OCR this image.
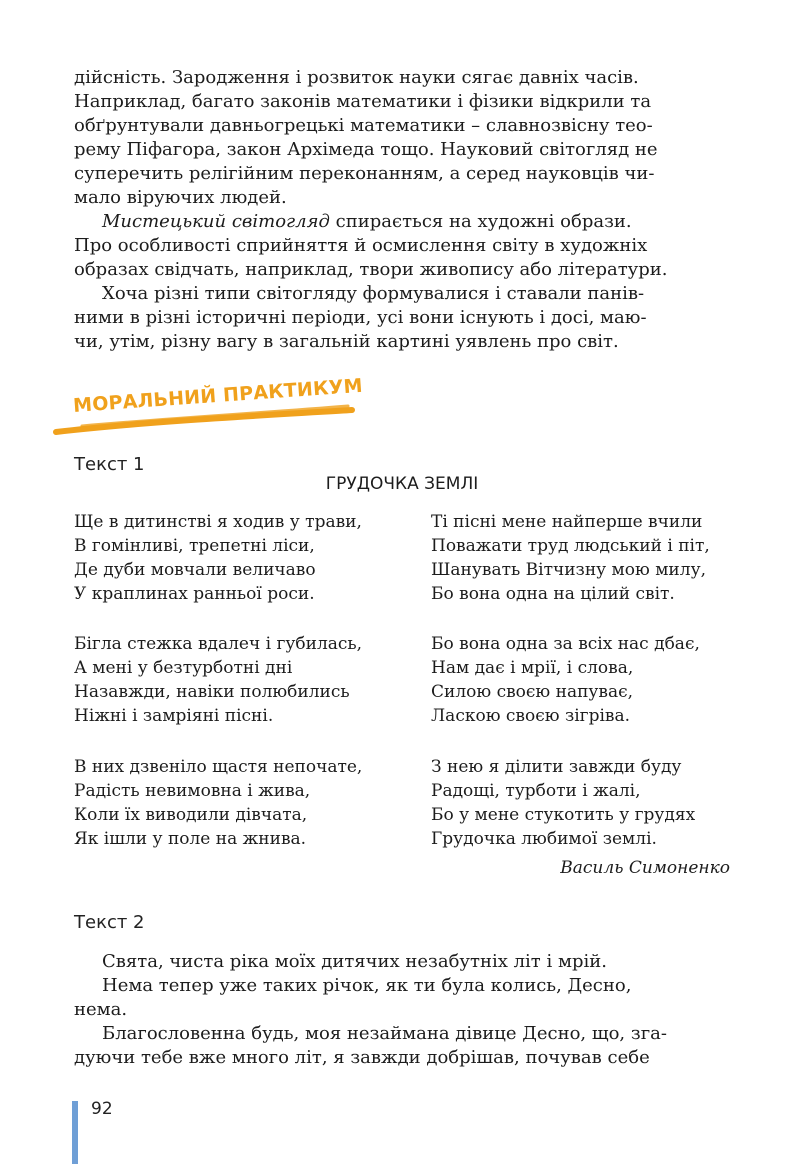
дійсність. Зародження і розвиток науки сягає давніх часів.

Наприклад, багато законів математики і фізики відкрили та

обґрунтували давньогрецькі математики – славнозвісну тео-

рему Піфагора, закон Архімеда тощо. Науковий світогляд не

суперечить релігійним переконанням, а серед науковців чи-

мало віруючих людей.

Мистецький світогляд спирається на художні образи.

Про особливості сприйняття й осмислення світу в художніх

образах свідчать, наприклад, твори живопису або літератури.

Хоча різні типи світогляду формувалися і ставали панів-

ними в різні історичні періоди, усі вони існують і досі, маю-

чи, утім, різну вагу в загальній картині уявлень про світ.

МОРАЛЬНИЙ ПРАКТИКУМ
Текст 1
ГРУДОЧКА ЗЕМЛІ
Ще в дитинстві я ходив у трави,
В гомінливі, трепетні ліси,
Де дуби мовчали величаво
У краплинах ранньої роси.
Бігла стежка вдалеч і губилась,
А мені у безтурботні дні
Назавжди, навіки полюбились
Ніжні і замріяні пісні.
В них дзвеніло щастя непочате,
Радість невимовна і жива,
Коли їх виводили дівчата,
Як ішли у поле на жнива.
Ті пісні мене найперше вчили
Поважати труд людський і піт,
Шанувать Вітчизну мою милу,
Бо вона одна на цілий світ.
Бо вона одна за всіх нас дбає,
Нам дає і мрії, і слова,
Силою своєю напуває,
Ласкою своєю зігріва.
З нею я ділити завжди буду
Радощі, турботи і жалі,
Бо у мене стукотить у грудях
Грудочка любимої землі.
Василь Симоненко
Текст 2

Свята, чиста ріка моїх дитячих незабутніх літ і мрій.

Нема тепер уже таких річок, як ти була колись, Десно,

нема.

Благословенна будь, моя незаймана дівице Десно, що, зга-

дуючи тебе вже много літ, я завжди добрішав, почував себе

92
